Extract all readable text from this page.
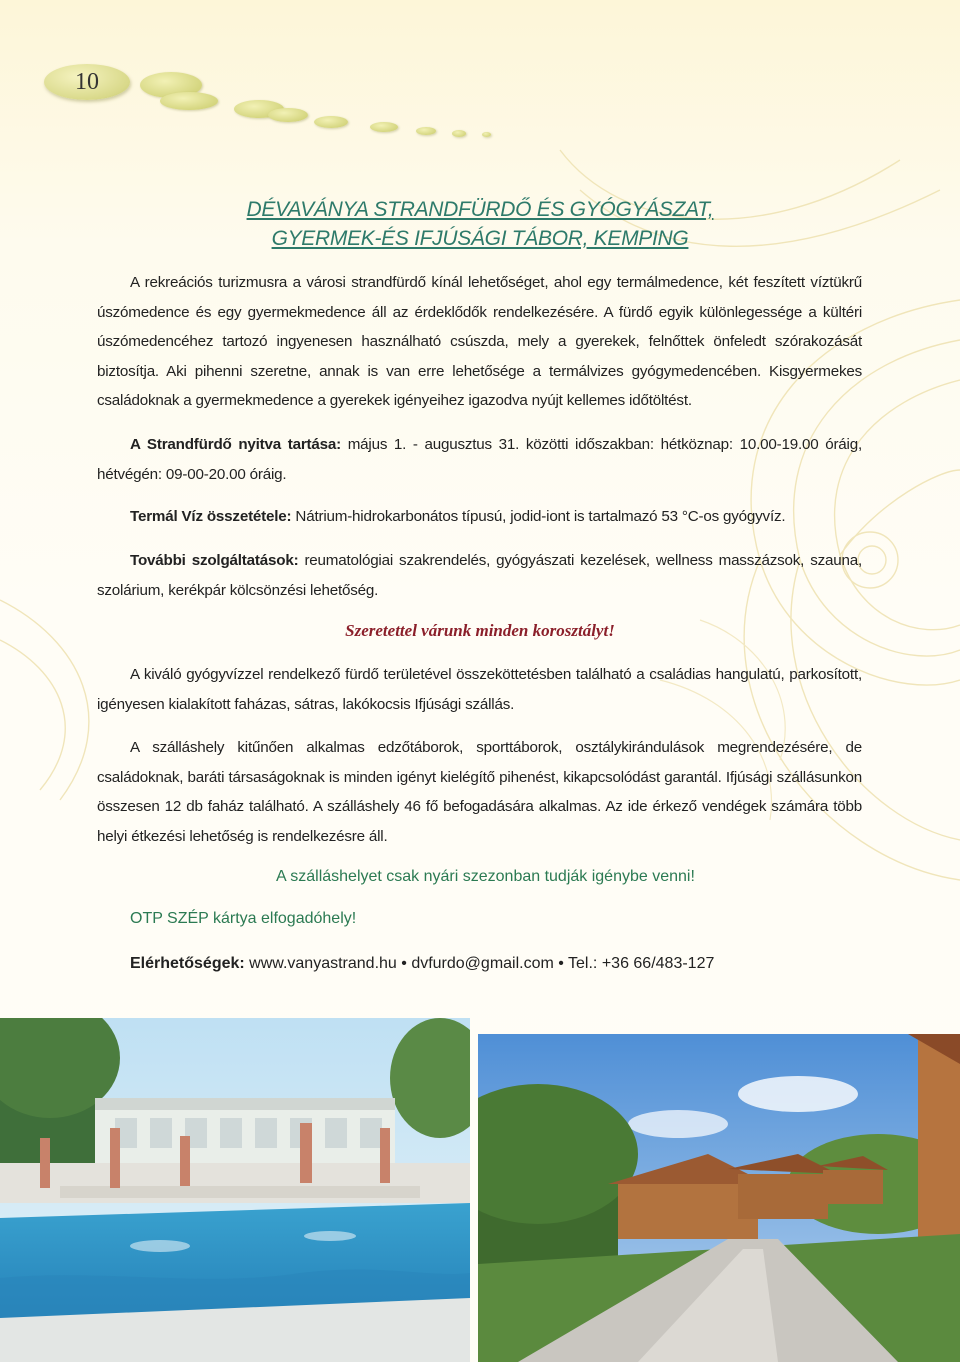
10
DÉVAVÁNYA STRANDFÜRDŐ ÉS GYÓGYÁSZAT,
GYERMEK-ÉS IFJÚSÁGI TÁBOR, KEMPING
A rekreációs turizmusra a városi strandfürdő kínál lehetőséget, ahol egy termálmedence, két feszített víztükrű úszómedence és egy gyermekmedence áll az érdeklődők rendelkezésére. A fürdő egyik különlegessége a kültéri úszómedencéhez tartozó ingyenesen használható csúszda, mely a gyerekek, felnőttek önfeledt szórakozását biztosítja. Aki pihenni szeretne, annak is van erre lehetősége a termálvizes gyógymedencében. Kisgyermekes családoknak a gyermekmedence a gyerekek igényeihez igazodva nyújt kellemes időtöltést.
A Strandfürdő nyitva tartása: május 1. - augusztus 31. közötti időszakban: hétköznap: 10.00-19.00 óráig, hétvégén: 09-00-20.00 óráig.
Termál Víz összetétele: Nátrium-hidrokarbonátos típusú, jodid-iont is tartalmazó 53 °C-os gyógyvíz.
További szolgáltatások: reumatológiai szakrendelés, gyógyászati kezelések, wellness masszázsok, szauna, szolárium, kerékpár kölcsönzési lehetőség.
Szeretettel várunk minden korosztályt!
A kiváló gyógyvízzel rendelkező fürdő területével összeköttetésben található a családias hangulatú, parkosított, igényesen kialakított faházas, sátras, lakókocsis Ifjúsági szállás.
A szálláshely kitűnően alkalmas edzőtáborok, sporttáborok, osztálykirándulások megrendezésére, de családoknak, baráti társaságoknak is minden igényt kielégítő pihenést, kikapcsolódást garantál. Ifjúsági szállásunkon összesen 12 db faház található. A szálláshely 46 fő befogadására alkalmas. Az ide érkező vendégek számára több helyi étkezési lehetőség is rendelkezésre áll.
A szálláshelyet csak nyári szezonban tudják igénybe venni!
OTP SZÉP kártya elfogadóhely!
Elérhetőségek: www.vanyastrand.hu • dvfurdo@gmail.com • Tel.: +36 66/483-127
